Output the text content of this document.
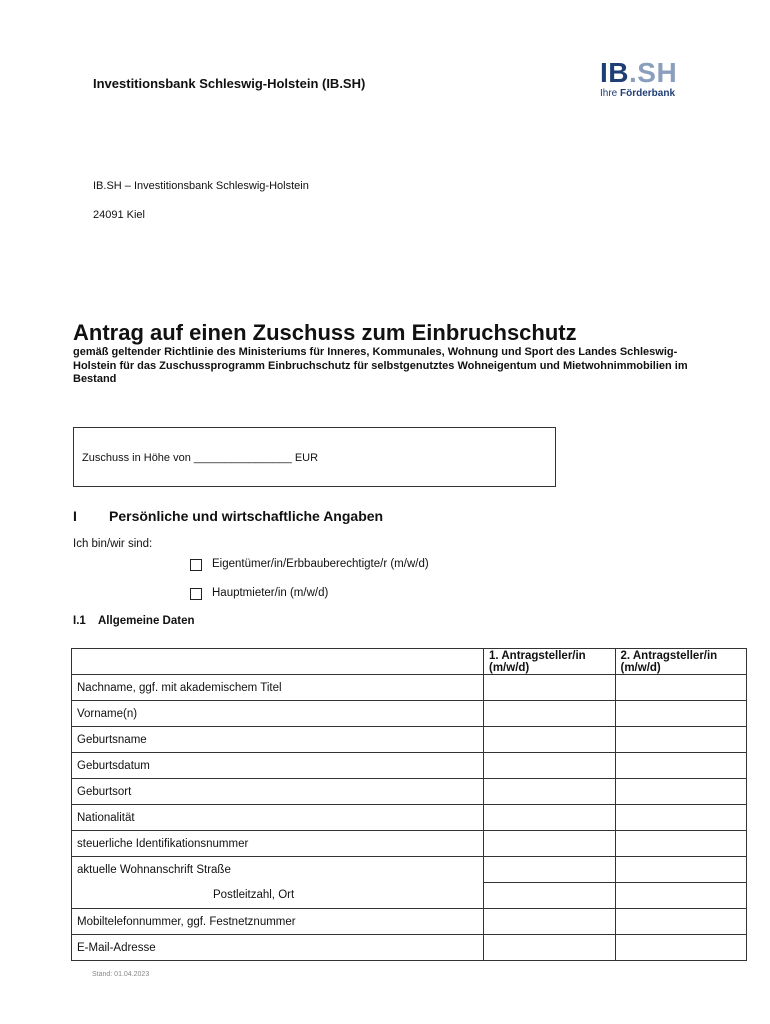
Investitionsbank Schleswig-Holstein (IB.SH)	IB.SH
Ihre Förderbank
IB.SH – Investitionsbank Schleswig-Holstein
24091 Kiel
Antrag auf einen Zuschuss zum Einbruchschutz
gemäß geltender Richtlinie des Ministeriums für Inneres, Kommunales, Wohnung und Sport des Landes Schleswig-Holstein für das Zuschussprogramm Einbruchschutz für selbstgenutztes Wohneigentum und Mietwohnimmobilien im Bestand
Zuschuss in Höhe von ________________ EUR
I Persönliche und wirtschaftliche Angaben
Ich bin/wir sind:
Eigentümer/in/Erbbauberechtigte/r (m/w/d)
Hauptmieter/in (m/w/d)
I.1 Allgemeine Daten
	1. Antragsteller/in (m/w/d)	2. Antragsteller/in (m/w/d)
Nachname, ggf. mit akademischem Titel		
Vorname(n)		
Geburtsname		
Geburtsdatum		
Geburtsort		
Nationalität		
steuerliche Identifikationsnummer		
aktuelle Wohnanschrift Straße		
Postleitzahl, Ort		
Mobiltelefonnummer, ggf. Festnetznummer		
E-Mail-Adresse		
Stand: 01.04.2023
